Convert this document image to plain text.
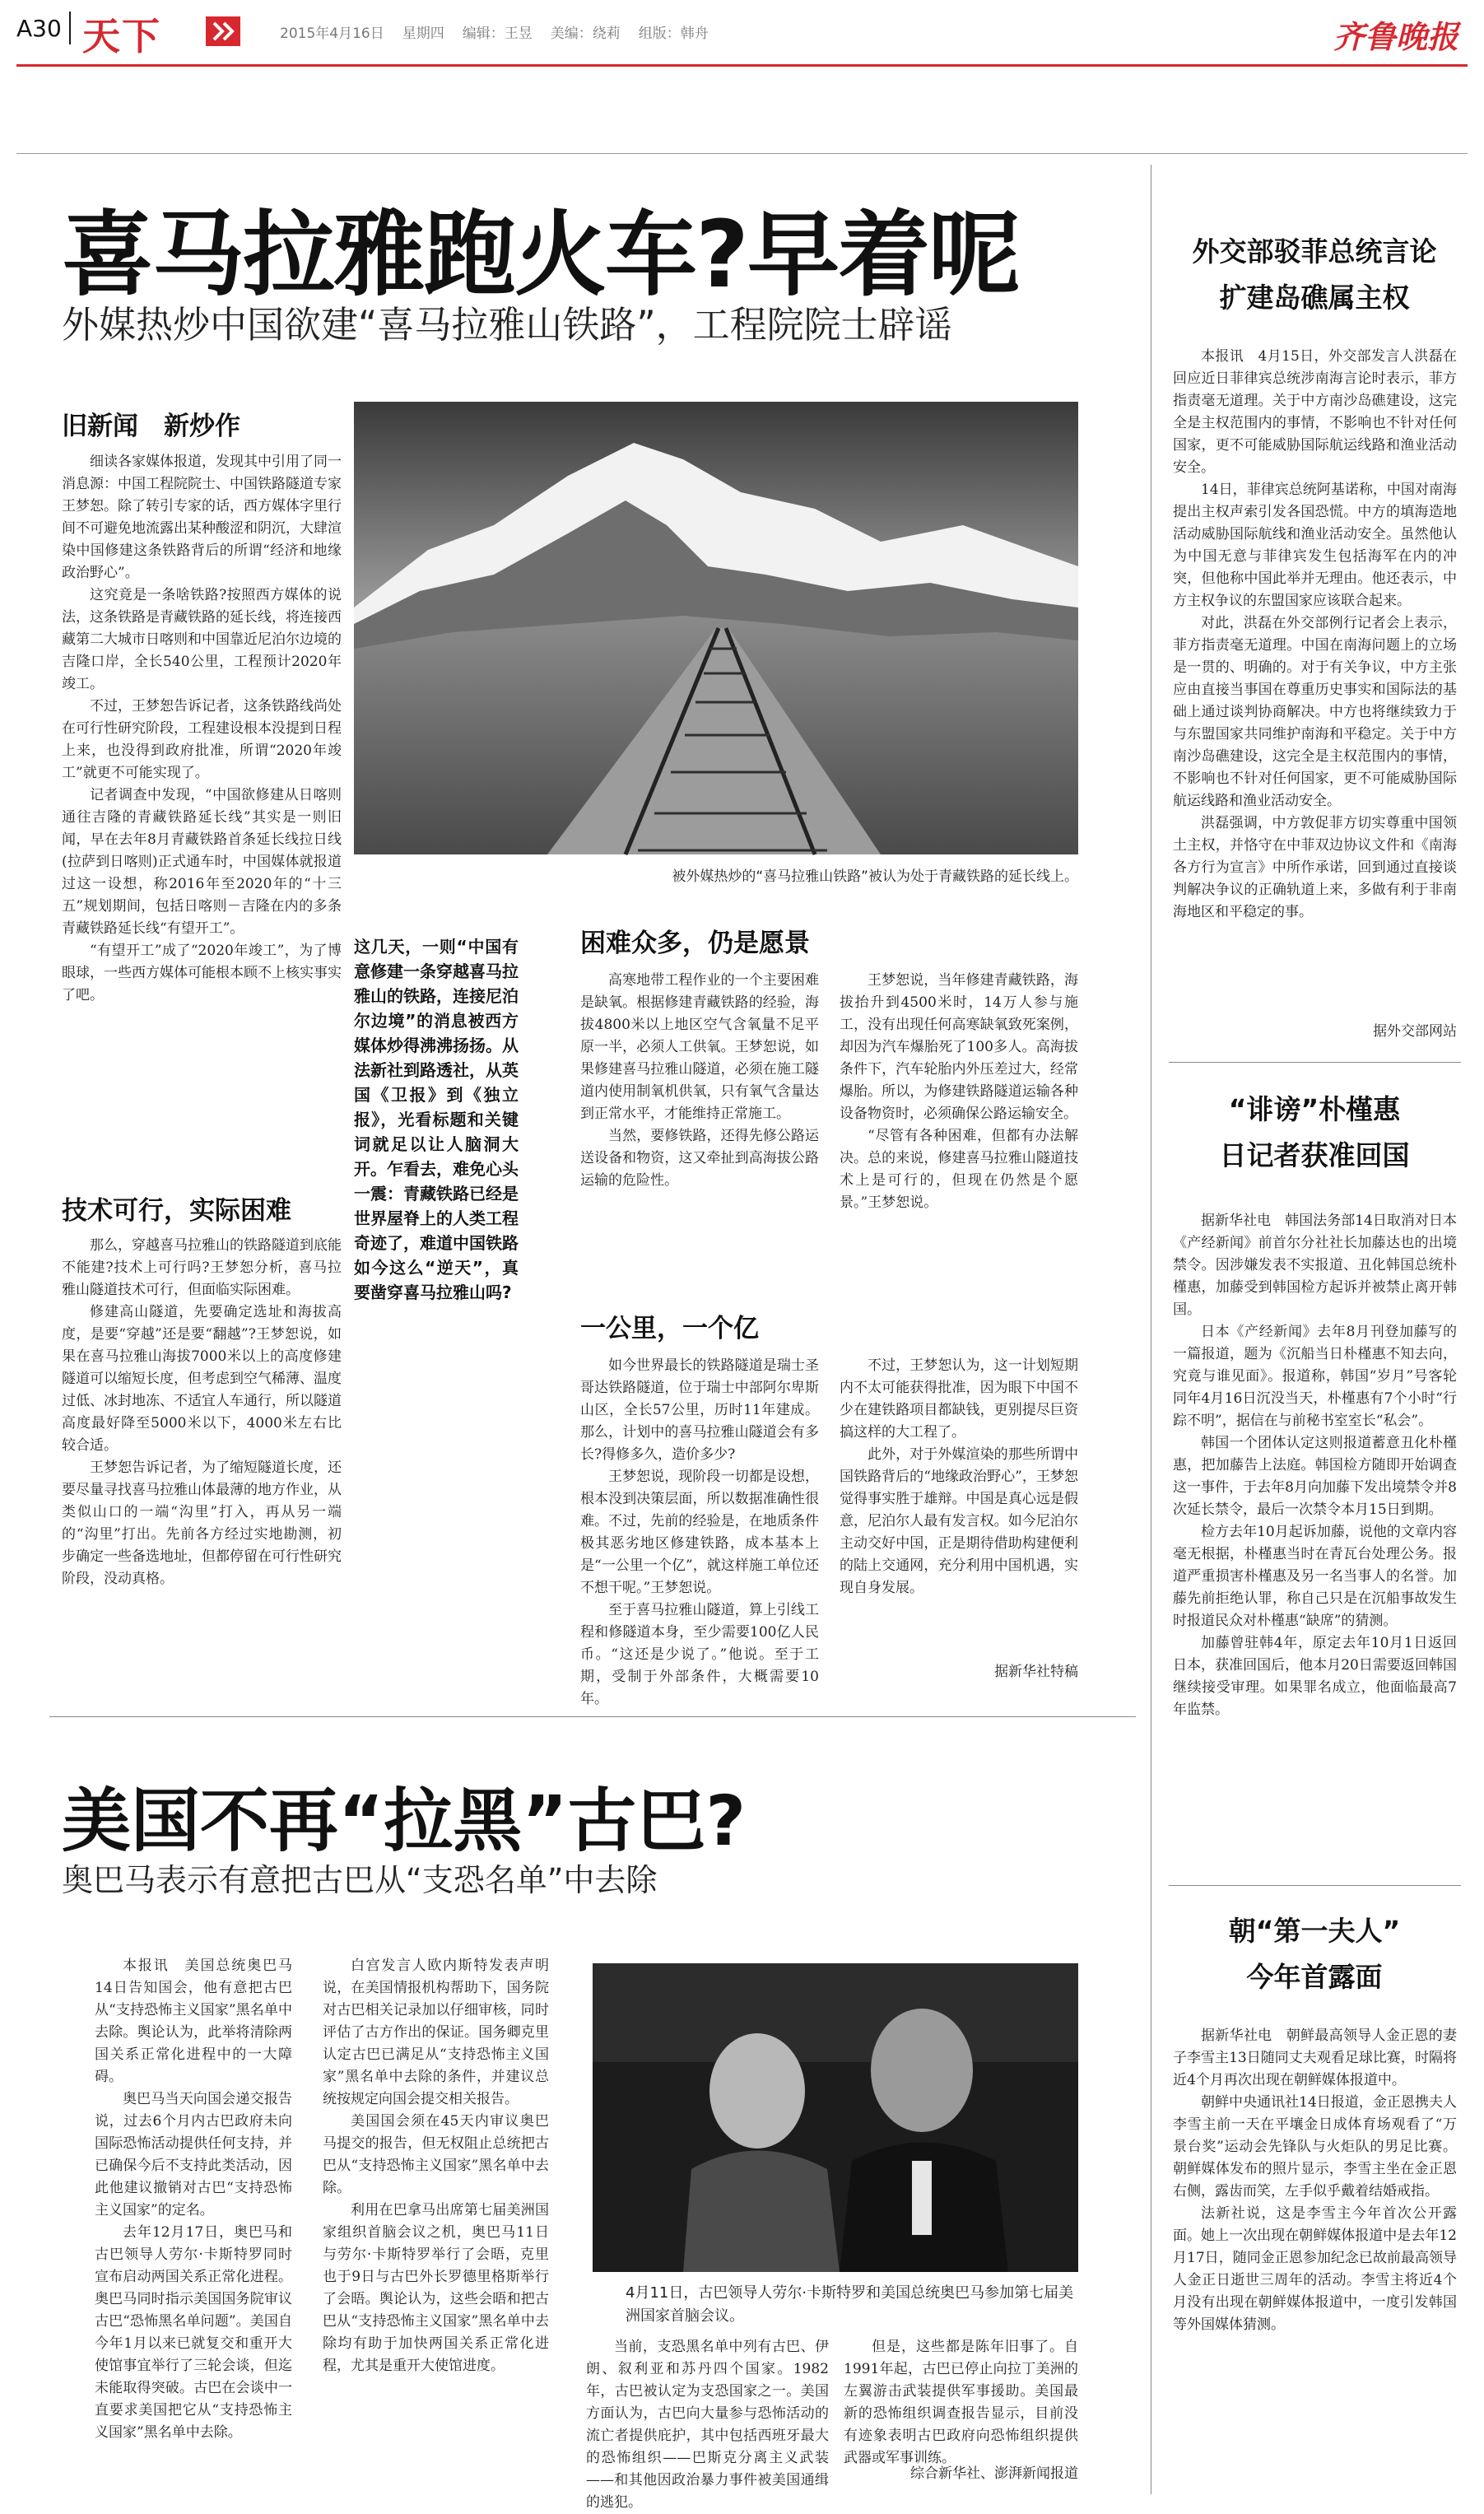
A30 天下	2015年4月16日 星期四 编辑：王昱 美编：绕莉 组版：韩舟	齐鲁晚报
喜马拉雅跑火车?早着呢
外媒热炒中国欲建“喜马拉雅山铁路”，工程院院士辟谣
旧新闻　新炒作

细读各家媒体报道，发现其中引用了同一消息源：中国工程院院士、中国铁路隧道专家王梦恕。除了转引专家的话，西方媒体字里行间不可避免地流露出某种酸涩和阴沉，大肆渲染中国修建这条铁路背后的所谓“经济和地缘政治野心”。

这究竟是一条啥铁路?按照西方媒体的说法，这条铁路是青藏铁路的延长线，将连接西藏第二大城市日喀则和中国靠近尼泊尔边境的吉隆口岸，全长540公里，工程预计2020年竣工。

不过，王梦恕告诉记者，这条铁路线尚处在可行性研究阶段，工程建设根本没提到日程上来，也没得到政府批准，所谓“2020年竣工”就更不可能实现了。

记者调查中发现，“中国欲修建从日喀则通往吉隆的青藏铁路延长线”其实是一则旧闻，早在去年8月青藏铁路首条延长线拉日线(拉萨到日喀则)正式通车时，中国媒体就报道过这一设想，称2016年至2020年的“十三五”规划期间，包括日喀则－吉隆在内的多条青藏铁路延长线“有望开工”。

“有望开工”成了“2020年竣工”，为了博眼球，一些西方媒体可能根本顾不上核实事实了吧。

技术可行，实际困难

那么，穿越喜马拉雅山的铁路隧道到底能不能建?技术上可行吗?王梦恕分析，喜马拉雅山隧道技术可行，但面临实际困难。

修建高山隧道，先要确定选址和海拔高度，是要“穿越”还是要“翻越”?王梦恕说，如果在喜马拉雅山海拔7000米以上的高度修建隧道可以缩短长度，但考虑到空气稀薄、温度过低、冰封地冻、不适宜人车通行，所以隧道高度最好降至5000米以下，4000米左右比较合适。

王梦恕告诉记者，为了缩短隧道长度，还要尽量寻找喜马拉雅山体最薄的地方作业，从类似山口的一端“沟里”打入，再从另一端的“沟里”打出。先前各方经过实地勘测，初步确定一些备选地址，但都停留在可行性研究阶段，没动真格。

被外媒热炒的“喜马拉雅山铁路”被认为处于青藏铁路的延长线上。
这几天，一则“中国有意修建一条穿越喜马拉雅山的铁路，连接尼泊尔边境”的消息被西方媒体炒得沸沸扬扬。从法新社到路透社，从英国《卫报》到《独立报》，光看标题和关键词就足以让人脑洞大开。乍看去，难免心头一震：青藏铁路已经是世界屋脊上的人类工程奇迹了，难道中国铁路如今这么“逆天”，真要凿穿喜马拉雅山吗?
困难众多，仍是愿景

高寒地带工程作业的一个主要困难是缺氧。根据修建青藏铁路的经验，海拔4800米以上地区空气含氧量不足平原一半，必须人工供氧。王梦恕说，如果修建喜马拉雅山隧道，必须在施工隧道内使用制氧机供氧，只有氧气含量达到正常水平，才能维持正常施工。

当然，要修铁路，还得先修公路运送设备和物资，这又牵扯到高海拔公路运输的危险性。

王梦恕说，当年修建青藏铁路，海拔抬升到4500米时，14万人参与施工，没有出现任何高寒缺氧致死案例，却因为汽车爆胎死了100多人。高海拔条件下，汽车轮胎内外压差过大，经常爆胎。所以，为修建铁路隧道运输各种设备物资时，必须确保公路运输安全。

“尽管有各种困难，但都有办法解决。总的来说，修建喜马拉雅山隧道技术上是可行的，但现在仍然是个愿景。”王梦恕说。

一公里，一个亿

如今世界最长的铁路隧道是瑞士圣哥达铁路隧道，位于瑞士中部阿尔卑斯山区，全长57公里，历时11年建成。那么，计划中的喜马拉雅山隧道会有多长?得修多久，造价多少?

王梦恕说，现阶段一切都是设想，根本没到决策层面，所以数据准确性很难。不过，先前的经验是，在地质条件极其恶劣地区修建铁路，成本基本上是“一公里一个亿”，就这样施工单位还不想干呢。”王梦恕说。

至于喜马拉雅山隧道，算上引线工程和修隧道本身，至少需要100亿人民币。“这还是少说了。”他说。至于工期，受制于外部条件，大概需要10年。

不过，王梦恕认为，这一计划短期内不太可能获得批准，因为眼下中国不少在建铁路项目都缺钱，更别提尽巨资搞这样的大工程了。

此外，对于外媒渲染的那些所谓中国铁路背后的“地缘政治野心”，王梦恕觉得事实胜于雄辩。中国是真心远是假意，尼泊尔人最有发言权。如今尼泊尔主动交好中国，正是期待借助构建便利的陆上交通网，充分利用中国机遇，实现自身发展。

据新华社特稿
美国不再“拉黑”古巴?
奥巴马表示有意把古巴从“支恐名单”中去除

本报讯　美国总统奥巴马14日告知国会，他有意把古巴从“支持恐怖主义国家”黑名单中去除。舆论认为，此举将清除两国关系正常化进程中的一大障碍。

奥巴马当天向国会递交报告说，过去6个月内古巴政府未向国际恐怖活动提供任何支持，并已确保今后不支持此类活动，因此他建议撤销对古巴“支持恐怖主义国家”的定名。

去年12月17日，奥巴马和古巴领导人劳尔·卡斯特罗同时宣布启动两国关系正常化进程。奥巴马同时指示美国国务院审议古巴“恐怖黑名单问题”。美国自今年1月以来已就复交和重开大使馆事宜举行了三轮会谈，但迄未能取得突破。古巴在会谈中一直要求美国把它从“支持恐怖主义国家”黑名单中去除。

白宫发言人欧内斯特发表声明说，在美国情报机构帮助下，国务院对古巴相关记录加以仔细审核，同时评估了古方作出的保证。国务卿克里认定古巴已满足从“支持恐怖主义国家”黑名单中去除的条件，并建议总统按规定向国会提交相关报告。

美国国会须在45天内审议奥巴马提交的报告，但无权阻止总统把古巴从“支持恐怖主义国家”黑名单中去除。

利用在巴拿马出席第七届美洲国家组织首脑会议之机，奥巴马11日与劳尔·卡斯特罗举行了会晤，克里也于9日与古巴外长罗德里格斯举行了会晤。舆论认为，这些会晤和把古巴从“支持恐怖主义国家”黑名单中去除均有助于加快两国关系正常化进程，尤其是重开大使馆进度。

4月11日，古巴领导人劳尔·卡斯特罗和美国总统奥巴马参加第七届美洲国家首脑会议。

当前，支恐黑名单中列有古巴、伊朗、叙利亚和苏丹四个国家。1982年，古巴被认定为支恐国家之一。美国方面认为，古巴向大量参与恐怖活动的流亡者提供庇护，其中包括西班牙最大的恐怖组织——巴斯克分离主义武装——和其他因政治暴力事件被美国通缉的逃犯。

但是，这些都是陈年旧事了。自1991年起，古巴已停止向拉丁美洲的左翼游击武装提供军事援助。美国最新的恐怖组织调查报告显示，目前没有迹象表明古巴政府向恐怖组织提供武器或军事训练。

综合新华社、澎湃新闻报道
外交部驳菲总统言论
扩建岛礁属主权

本报讯　4月15日，外交部发言人洪磊在回应近日菲律宾总统涉南海言论时表示，菲方指责毫无道理。关于中方南沙岛礁建设，这完全是主权范围内的事情，不影响也不针对任何国家，更不可能威胁国际航运线路和渔业活动安全。

14日，菲律宾总统阿基诺称，中国对南海提出主权声索引发各国恐慌。中方的填海造地活动威胁国际航线和渔业活动安全。虽然他认为中国无意与菲律宾发生包括海军在内的冲突，但他称中国此举并无理由。他还表示，中方主权争议的东盟国家应该联合起来。

对此，洪磊在外交部例行记者会上表示，菲方指责毫无道理。中国在南海问题上的立场是一贯的、明确的。对于有关争议，中方主张应由直接当事国在尊重历史事实和国际法的基础上通过谈判协商解决。中方也将继续致力于与东盟国家共同维护南海和平稳定。关于中方南沙岛礁建设，这完全是主权范围内的事情，不影响也不针对任何国家，更不可能威胁国际航运线路和渔业活动安全。

洪磊强调，中方敦促菲方切实尊重中国领土主权，并恪守在中菲双边协议文件和《南海各方行为宣言》中所作承诺，回到通过直接谈判解决争议的正确轨道上来，多做有利于非南海地区和平稳定的事。

据外交部网站
“诽谤”朴槿惠
日记者获准回国

据新华社电　韩国法务部14日取消对日本《产经新闻》前首尔分社社长加藤达也的出境禁令。因涉嫌发表不实报道、丑化韩国总统朴槿惠，加藤受到韩国检方起诉并被禁止离开韩国。

日本《产经新闻》去年8月刊登加藤写的一篇报道，题为《沉船当日朴槿惠不知去向，究竟与谁见面》。报道称，韩国“岁月”号客轮同年4月16日沉没当天，朴槿惠有7个小时“行踪不明”，据信在与前秘书室室长“私会”。

韩国一个团体认定这则报道蓄意丑化朴槿惠，把加藤告上法庭。韩国检方随即开始调查这一事件，于去年8月向加藤下发出境禁令并8次延长禁令，最后一次禁令本月15日到期。

检方去年10月起诉加藤，说他的文章内容毫无根据，朴槿惠当时在青瓦台处理公务。报道严重损害朴槿惠及另一名当事人的名誉。加藤先前拒绝认罪，称自己只是在沉船事故发生时报道民众对朴槿惠“缺席”的猜测。

加藤曾驻韩4年，原定去年10月1日返回日本，获准回国后，他本月20日需要返回韩国继续接受审理。如果罪名成立，他面临最高7年监禁。

朝“第一夫人”
今年首露面

据新华社电　朝鲜最高领导人金正恩的妻子李雪主13日随同丈夫观看足球比赛，时隔将近4个月再次出现在朝鲜媒体报道中。

朝鲜中央通讯社14日报道，金正恩携夫人李雪主前一天在平壤金日成体育场观看了“万景台奖”运动会先锋队与火炬队的男足比赛。朝鲜媒体发布的照片显示，李雪主坐在金正恩右侧，露齿而笑，左手似乎戴着结婚戒指。

法新社说，这是李雪主今年首次公开露面。她上一次出现在朝鲜媒体报道中是去年12月17日，随同金正恩参加纪念已故前最高领导人金正日逝世三周年的活动。李雪主将近4个月没有出现在朝鲜媒体报道中，一度引发韩国等外国媒体猜测。
